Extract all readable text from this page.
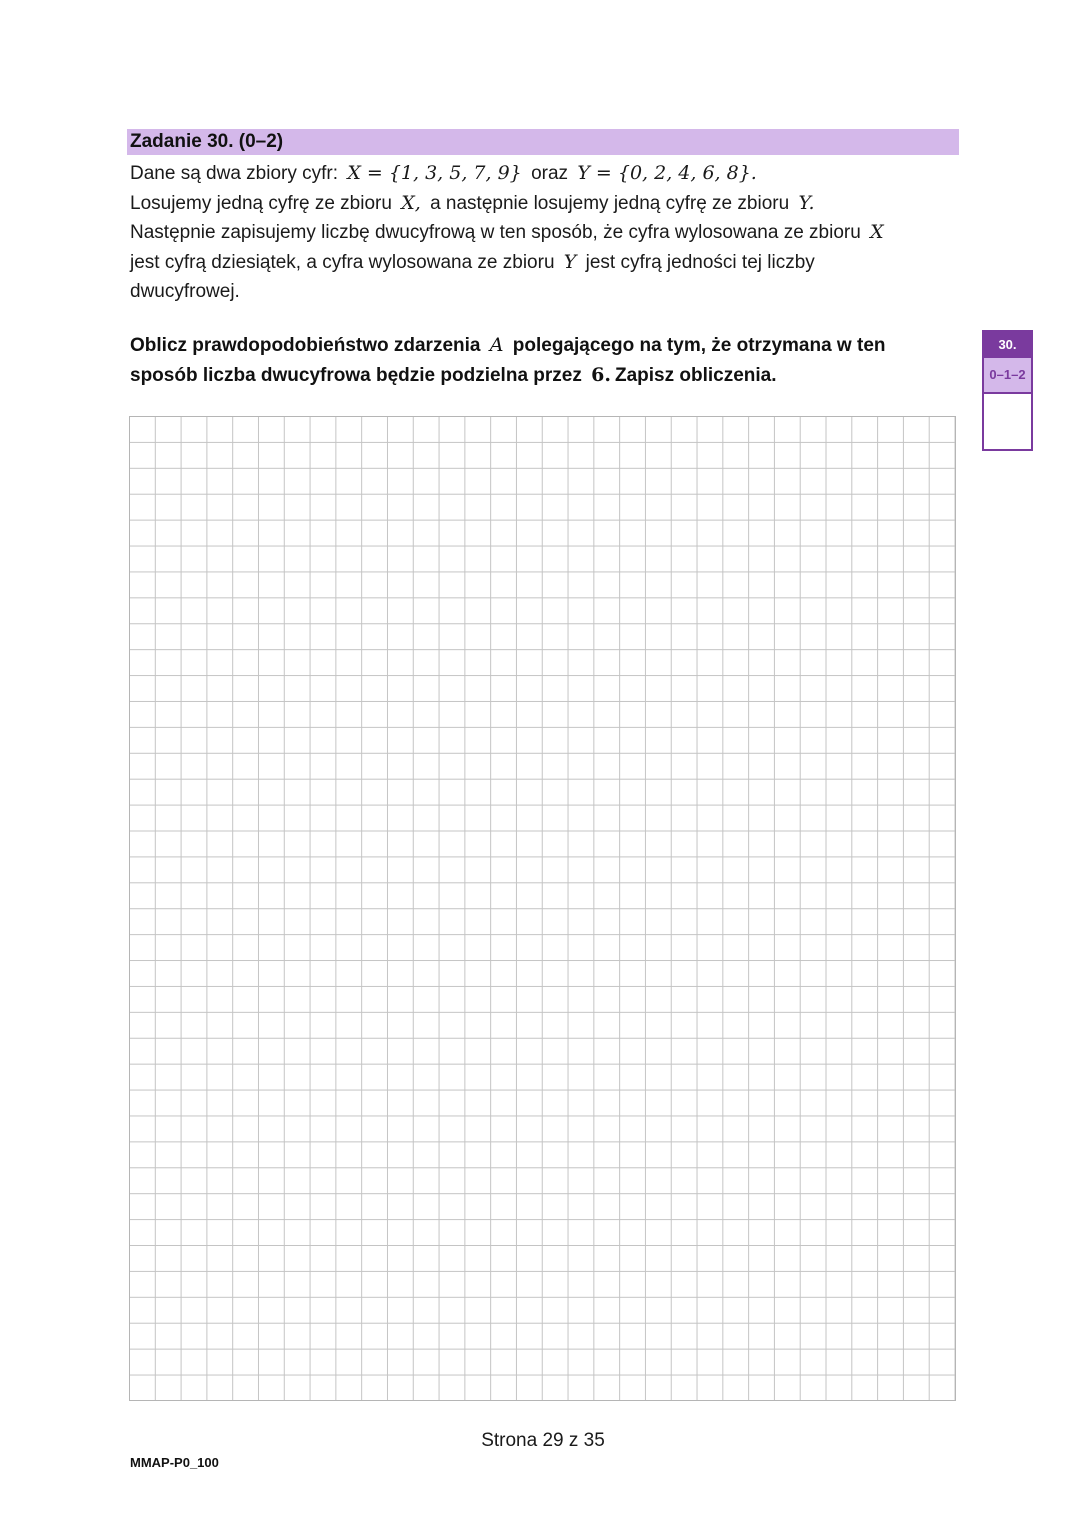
Zadanie 30. (0–2)

Dane są dwa zbiory cyfr: X = {1, 3, 5, 7, 9} oraz Y = {0, 2, 4, 6, 8}.

Losujemy jedną cyfrę ze zbioru X, a następnie losujemy jedną cyfrę ze zbioru Y.

Następnie zapisujemy liczbę dwucyfrową w ten sposób, że cyfra wylosowana ze zbioru X

jest cyfrą dziesiątek, a cyfra wylosowana ze zbioru Y jest cyfrą jedności tej liczby

dwucyfrowej.

Oblicz prawdopodobieństwo zdarzenia A polegającego na tym, że otrzymana w ten

sposób liczba dwucyfrowa będzie podzielna przez 6. Zapisz obliczenia.

30.
0–1–2
Strona 29 z 35
MMAP-P0_100
